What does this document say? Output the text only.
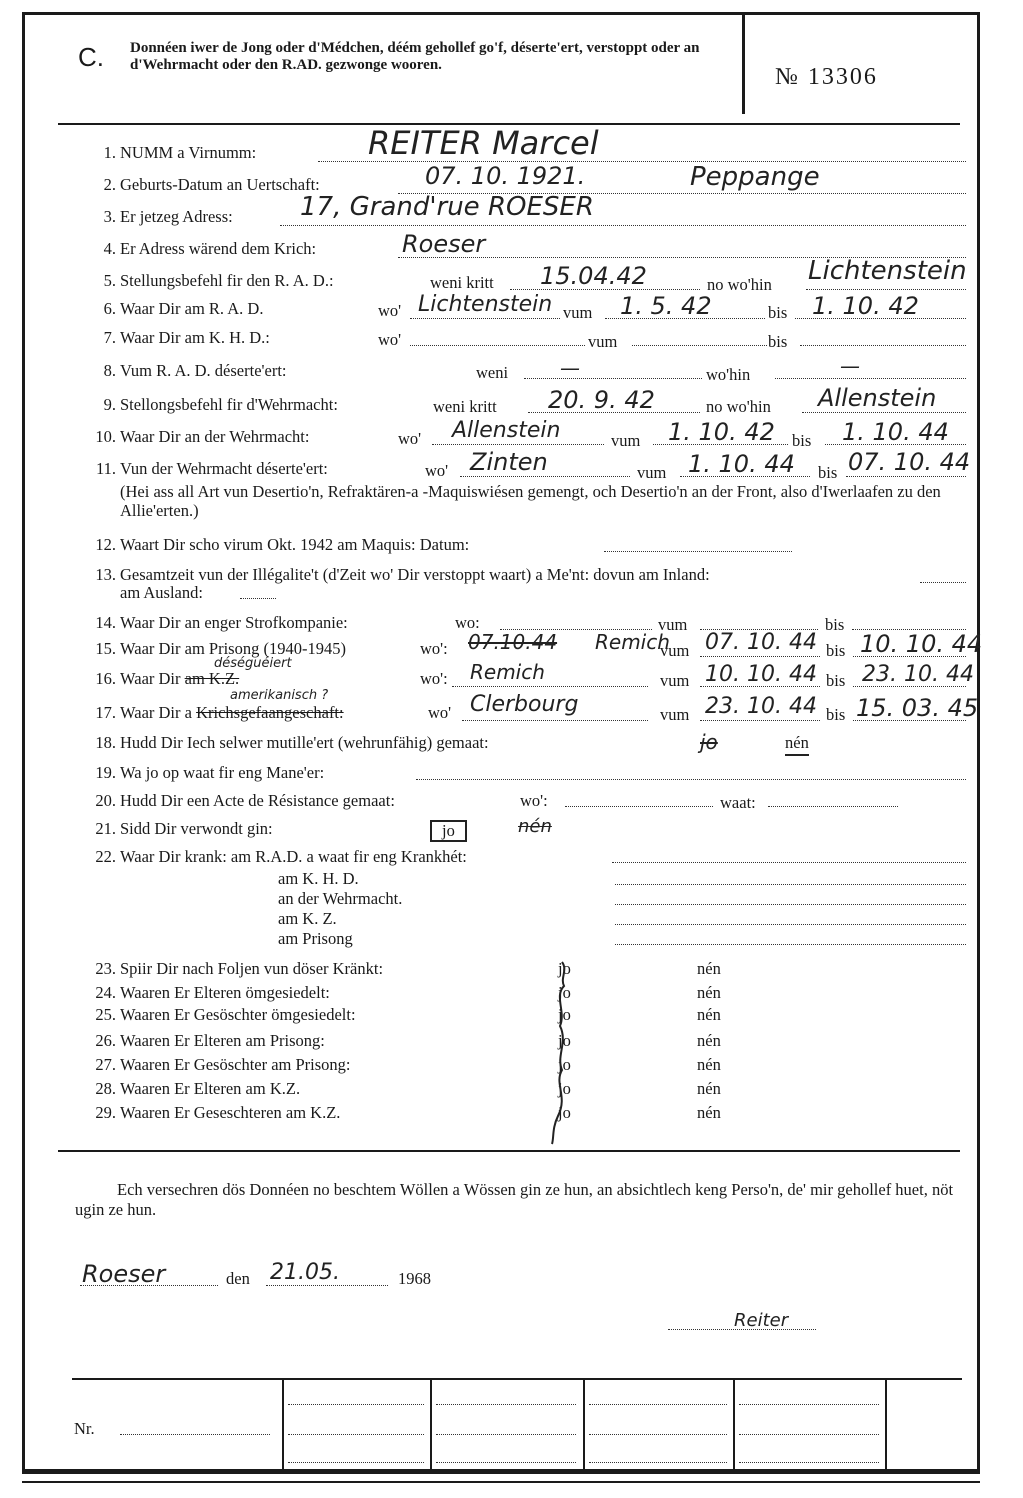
C. Donnéen iwer de Jong oder d'Médchen, déém gehollef go'f, déserte'ert, verstoppt oder an d'Wehrmacht oder den R.AD. gezwonge wooren.	№ 13306
1. NUMM a Virnumm:	REITER Marcel
2. Geburts-Datum an Uertschaft:	07. 10. 1921.	Peppange
3. Er jetzeg Adress:	17, Grand'rue ROESER
4. Er Adress wärend dem Krich:	Roeser
5. Stellungsbefehl fir den R. A. D.:	weni kritt 15.04.42	no wo'hin Lichtenstein
6. Waar Dir am R. A. D.	wo' Lichtenstein vum 1. 5. 42	bis 1. 10. 42
7. Waar Dir am K. H. D.:	wo'	vum	bis
8. Vum R. A. D. déserte'ert:	weni	—	wo'hin	—
9. Stellongsbefehl fir d'Wehrmacht:	weni kritt 20. 9. 42	no wo'hin Allenstein
10. Waar Dir an der Wehrmacht:	wo' Allenstein	vum 1. 10. 42 bis 1. 10. 44
11. Vun der Wehrmacht déserte'ert:	wo' Zinten	vum 1. 10. 44 bis 07. 10. 44
(Hei ass all Art vun Desertio'n, Refraktären-a -Maquiswiésen gemengt, och Desertio'n an der Front, also d'Iwerlaafen zu den Allie'erten.)
12. Waart Dir scho virum Okt. 1942 am Maquis: Datum:
13. Gesamtzeit vun der Illégalite't (d'Zeit wo' Dir verstoppt waart) a Me'nt: dovun am Inland:
am Ausland:
14. Waar Dir an enger Strofkompanie:	wo:	vum	bis
15. Waar Dir am Prisong (1940-1945)	wo': 07.10.44 Remich
vum 07. 10. 44 bis 10. 10. 44
16. Waar Dir am K.Z.
déséguéiert
wo': Remich	vum 10. 10. 44 bis 23. 10. 44
17. Waar Dir a Krichsgefaangeschaft:
amerikanisch ?
wo' Clerbourg	vum 23. 10. 44 bis 15. 03. 45
18. Hudd Dir Iech selwer mutille'ert (wehrunfähig) gemaat:	jo	nén
19. Wa jo op waat fir eng Mane'er:
20. Hudd Dir een Acte de Résistance gemaat:	wo':	waat:
21. Sidd Dir verwondt gin:	jo	nén
22. Waar Dir krank: am R.A.D. a waat fir eng Krankhét:
am K. H. D.
an der Wehrmacht.
am K. Z.
am Prisong
23. Spiir Dir nach Foljen vun döser Kränkt:	jo	nén
24. Waaren Er Elteren ömgesiedelt:	jo	nén
25. Waaren Er Gesöschter ömgesiedelt:	jo	nén
26. Waaren Er Elteren am Prisong:	jo	nén
27. Waaren Er Gesöschter am Prisong:	jo	nén
28. Waaren Er Elteren am K.Z.	jo	nén
29. Waaren Er Geseschteren am K.Z.	jo	nén
Ech versechren dös Donnéen no beschtem Wöllen a Wössen gin ze hun, an absichtlech keng Perso'n, de' mir gehollef huet, nöt ugin ze hun.
Roeser	den 21.05.	1968
Reiter
Nr.
